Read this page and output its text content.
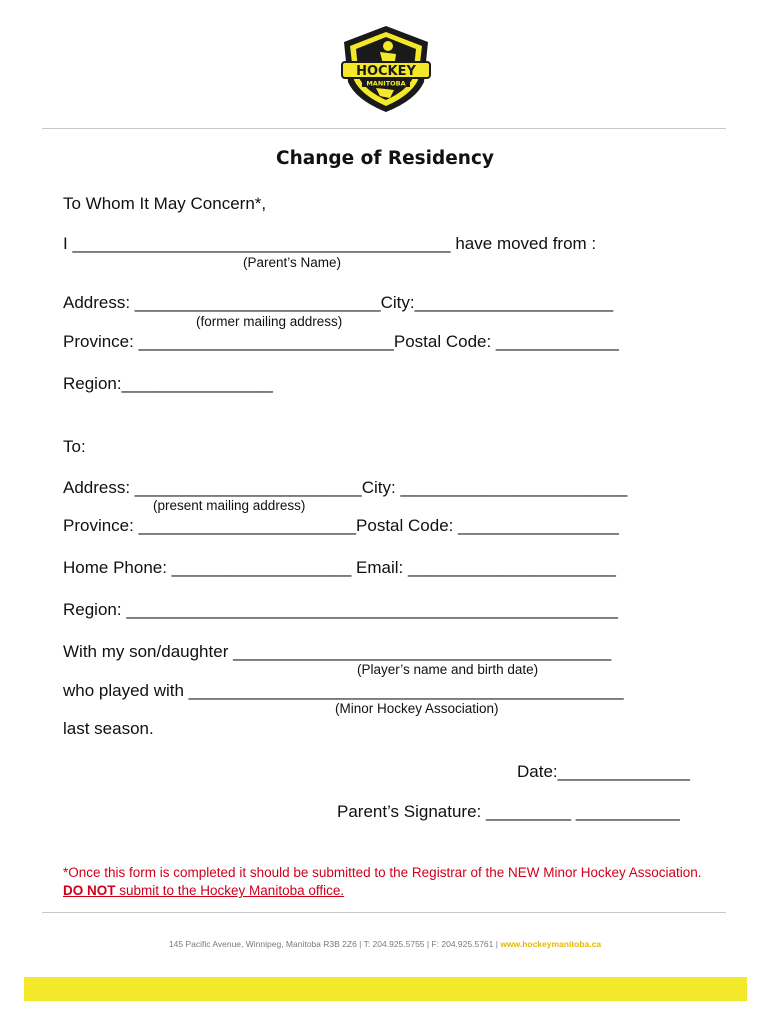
HOCKEY
MANITOBA
Change of Residency
To Whom It May Concern*,
I ________________________________________ have moved from :
(Parent’s Name)
Address: __________________________City:_____________________
(former mailing address)
Province: ___________________________Postal Code: _____________
Region:________________
To:
Address: ________________________City: ________________________
(present mailing address)
Province: _______________________Postal Code: _________________
Home Phone: ___________________ Email: ______________________
Region: ____________________________________________________
With my son/daughter ________________________________________
(Player’s name and birth date)
who played with ______________________________________________
(Minor Hockey Association)
last season.
Date:______________
Parent’s Signature: _________ ___________
*Once this form is completed it should be submitted to the Registrar of the NEW Minor Hockey Association. DO NOT submit to the Hockey Manitoba office.
145 Pacific Avenue, Winnipeg, Manitoba R3B 2Z6 | T: 204.925.5755 | F: 204.925.5761 | www.hockeymanitoba.ca
